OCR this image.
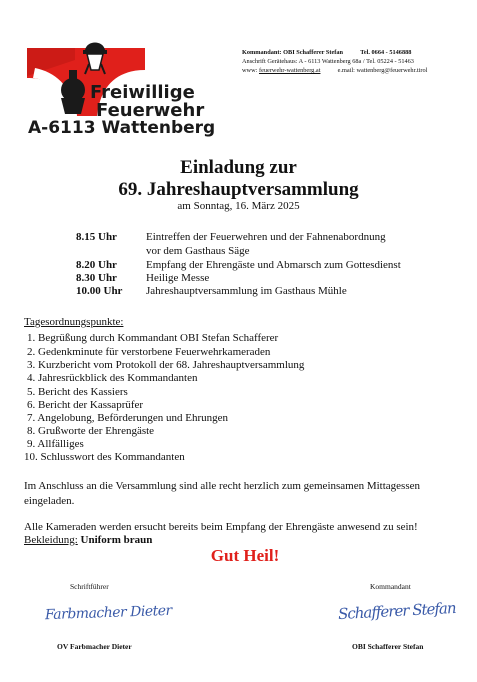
Freiwillige
Feuerwehr
A-6113 Wattenberg
Kommandant: OBI Schafferer Stefan	Tel. 0664 - 5146888
Anschrift Gerätehaus: A - 6113 Wattenberg 68a / Tel. 05224 - 51463
www: feuerwehr-wattenberg.at	e.mail: wattenberg@feuerwehr.tirol
Einladung zur
69. Jahreshauptversammlung
am Sonntag, 16. März 2025
8.15 Uhr	Eintreffen der Feuerwehren und der Fahnenabordnung
vor dem Gasthaus Säge
8.20 Uhr	Empfang der Ehrengäste und Abmarsch zum Gottesdienst
8.30 Uhr	Heilige Messe
10.00 Uhr	Jahreshauptversammlung im Gasthaus Mühle
Tagesordnungspunkte:
1. Begrüßung durch Kommandant OBI Stefan Schafferer
2. Gedenkminute für verstorbene Feuerwehrkameraden
3. Kurzbericht vom Protokoll der 68. Jahreshauptversammlung
4. Jahresrückblick des Kommandanten
5. Bericht des Kassiers
6. Bericht der Kassaprüfer
7. Angelobung, Beförderungen und Ehrungen
8. Grußworte der Ehrengäste
9. Allfälliges
10. Schlusswort des Kommandanten
Im Anschluss an die Versammlung sind alle recht herzlich zum gemeinsamen Mittagessen eingeladen.
Alle Kameraden werden ersucht bereits beim Empfang der Ehrengäste anwesend zu sein!
Bekleidung: Uniform braun
Gut Heil!
Schriftführer	Kommandant
Farbmacher Dieter	Schafferer Stefan
OV Farbmacher Dieter	OBI Schafferer Stefan
